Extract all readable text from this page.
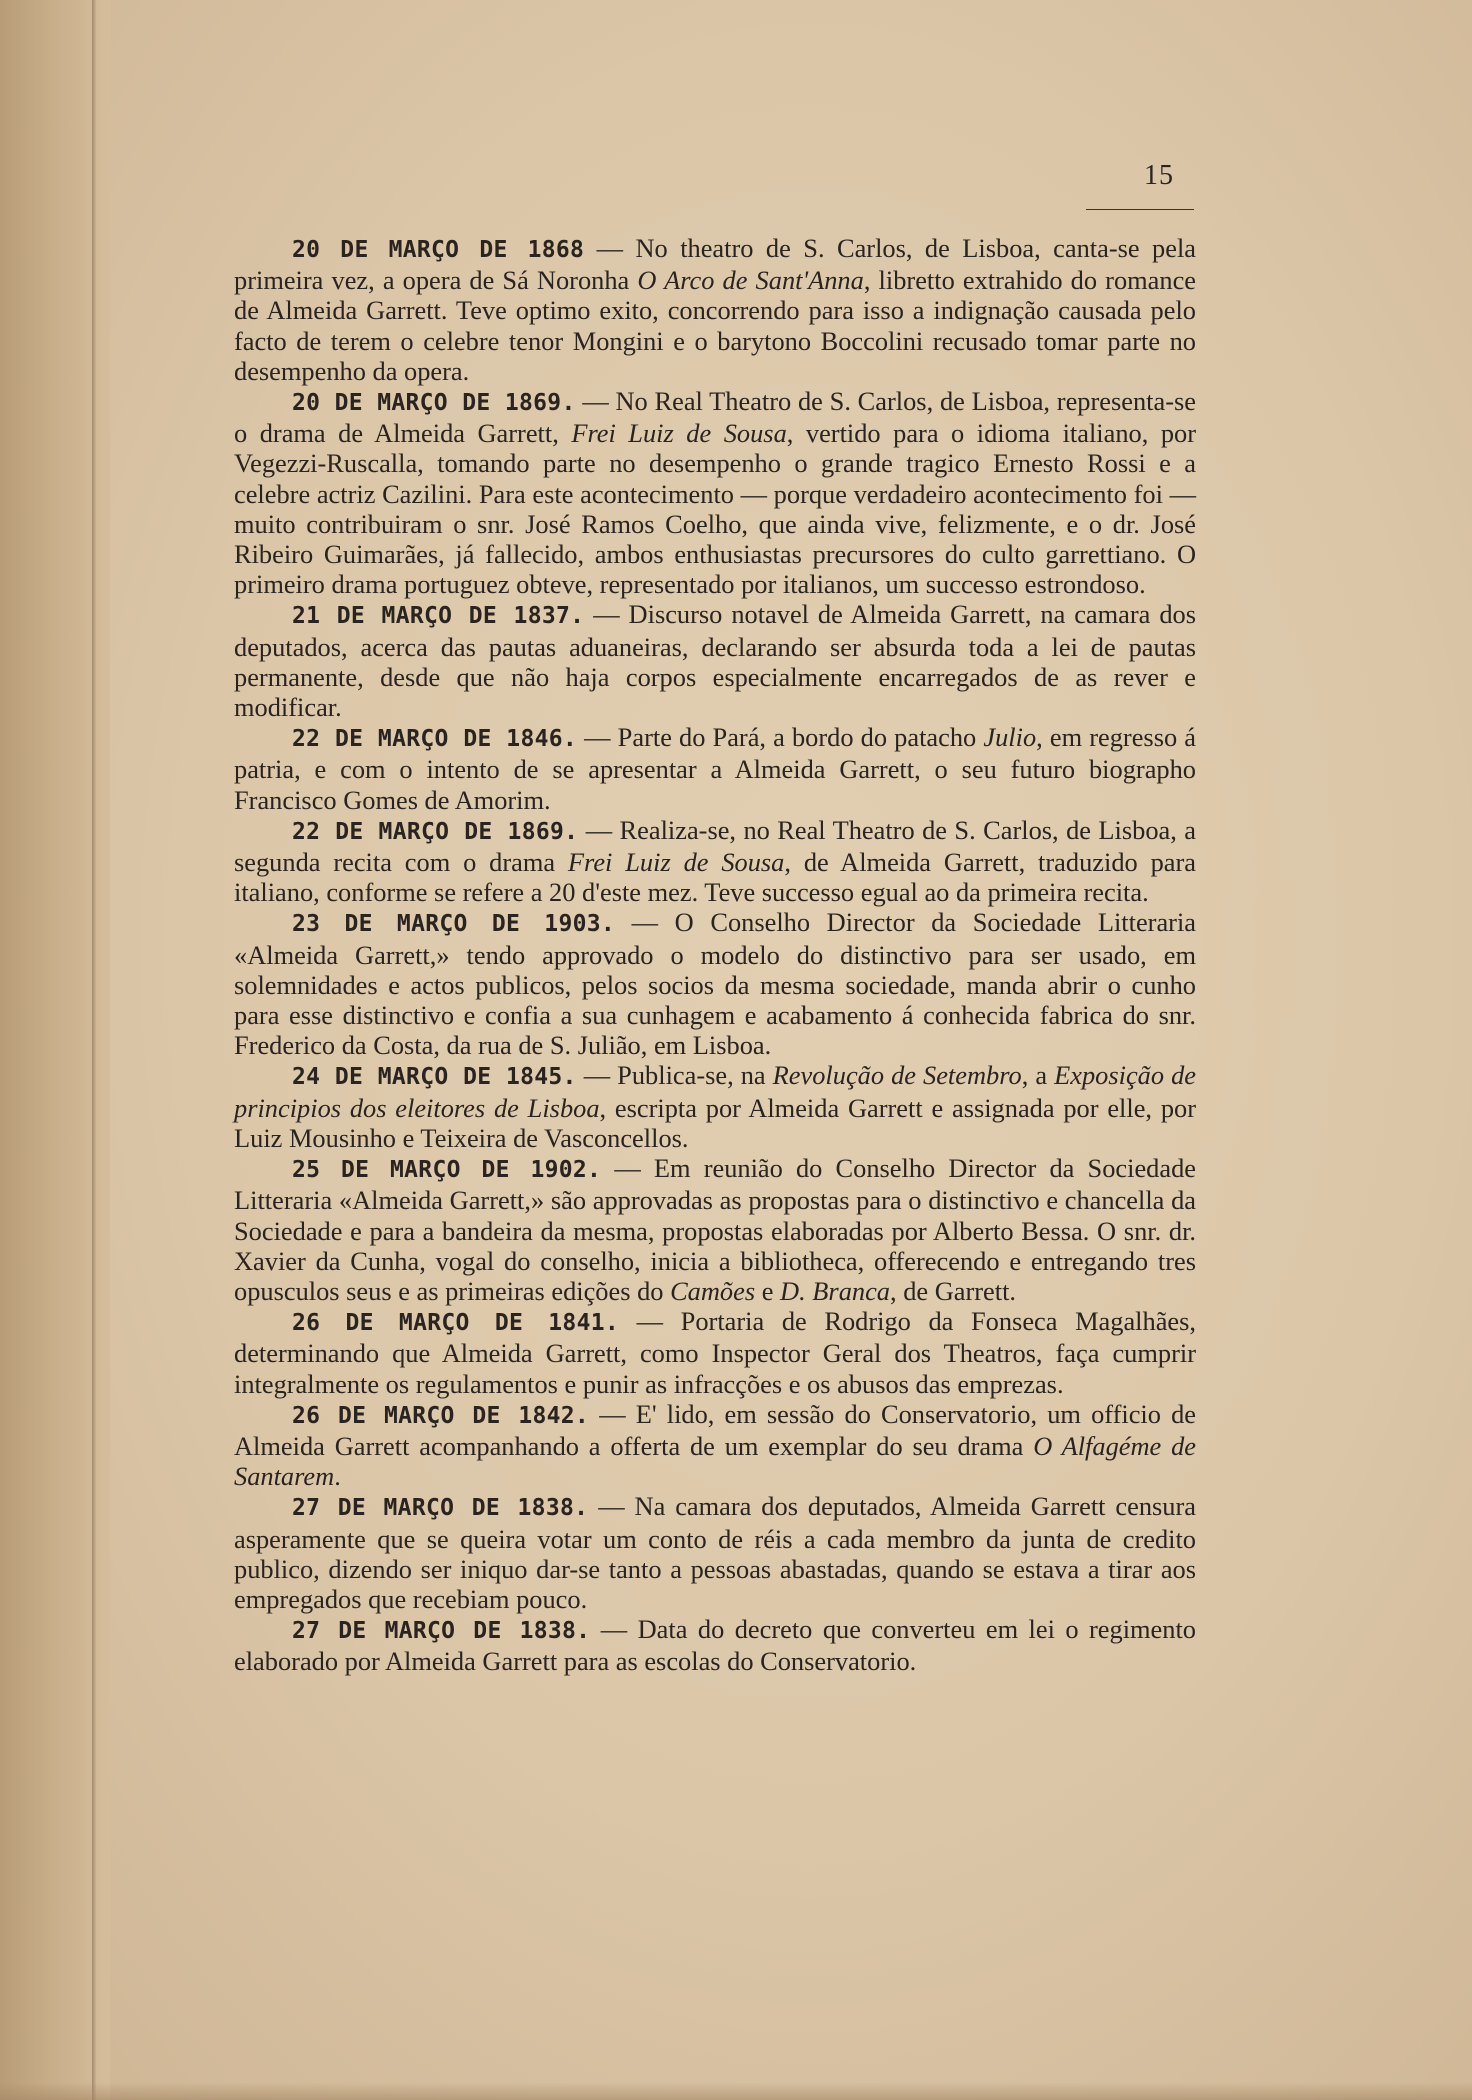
15

20 DE MARÇO DE 1868 — No theatro de S. Carlos, de Lisboa, canta-se pela primeira vez, a opera de Sá Noronha O Arco de Sant'Anna, libretto extrahido do romance de Almeida Garrett. Teve optimo exito, concorrendo para isso a indignação causada pelo facto de terem o celebre tenor Mongini e o barytono Boccolini recusado tomar parte no desempenho da opera.

20 DE MARÇO DE 1869. — No Real Theatro de S. Carlos, de Lisboa, representa-se o drama de Almeida Garrett, Frei Luiz de Sousa, vertido para o idioma italiano, por Vegezzi-Ruscalla, tomando parte no desempenho o grande tragico Ernesto Rossi e a celebre actriz Cazilini. Para este acontecimento — porque verdadeiro acontecimento foi — muito contribuiram o snr. José Ramos Coelho, que ainda vive, felizmente, e o dr. José Ribeiro Guimarães, já fallecido, ambos enthusiastas precursores do culto garrettiano. O primeiro drama portuguez obteve, representado por italianos, um successo estrondoso.

21 DE MARÇO DE 1837. — Discurso notavel de Almeida Garrett, na camara dos deputados, acerca das pautas aduaneiras, declarando ser absurda toda a lei de pautas permanente, desde que não haja corpos especialmente encarregados de as rever e modificar.

22 DE MARÇO DE 1846. — Parte do Pará, a bordo do patacho Julio, em regresso á patria, e com o intento de se apresentar a Almeida Garrett, o seu futuro biographo Francisco Gomes de Amorim.

22 DE MARÇO DE 1869. — Realiza-se, no Real Theatro de S. Carlos, de Lisboa, a segunda recita com o drama Frei Luiz de Sousa, de Almeida Garrett, traduzido para italiano, conforme se refere a 20 d'este mez. Teve successo egual ao da primeira recita.

23 DE MARÇO DE 1903. — O Conselho Director da Sociedade Litteraria «Almeida Garrett,» tendo approvado o modelo do distinctivo para ser usado, em solemnidades e actos publicos, pelos socios da mesma sociedade, manda abrir o cunho para esse distinctivo e confia a sua cunhagem e acabamento á conhecida fabrica do snr. Frederico da Costa, da rua de S. Julião, em Lisboa.

24 DE MARÇO DE 1845. — Publica-se, na Revolução de Setembro, a Exposição de principios dos eleitores de Lisboa, escripta por Almeida Garrett e assignada por elle, por Luiz Mousinho e Teixeira de Vasconcellos.

25 DE MARÇO DE 1902. — Em reunião do Conselho Director da Sociedade Litteraria «Almeida Garrett,» são approvadas as propostas para o distinctivo e chancella da Sociedade e para a bandeira da mesma, propostas elaboradas por Alberto Bessa. O snr. dr. Xavier da Cunha, vogal do conselho, inicia a bibliotheca, offerecendo e entregando tres opusculos seus e as primeiras edições do Camões e D. Branca, de Garrett.

26 DE MARÇO DE 1841. — Portaria de Rodrigo da Fonseca Magalhães, determinando que Almeida Garrett, como Inspector Geral dos Theatros, faça cumprir integralmente os regulamentos e punir as infracções e os abusos das emprezas.

26 DE MARÇO DE 1842. — E' lido, em sessão do Conservatorio, um officio de Almeida Garrett acompanhando a offerta de um exemplar do seu drama O Alfagéme de Santarem.

27 DE MARÇO DE 1838. — Na camara dos deputados, Almeida Garrett censura asperamente que se queira votar um conto de réis a cada membro da junta de credito publico, dizendo ser iniquo dar-se tanto a pessoas abastadas, quando se estava a tirar aos empregados que recebiam pouco.

27 DE MARÇO DE 1838. — Data do decreto que converteu em lei o regimento elaborado por Almeida Garrett para as escolas do Conservatorio.
